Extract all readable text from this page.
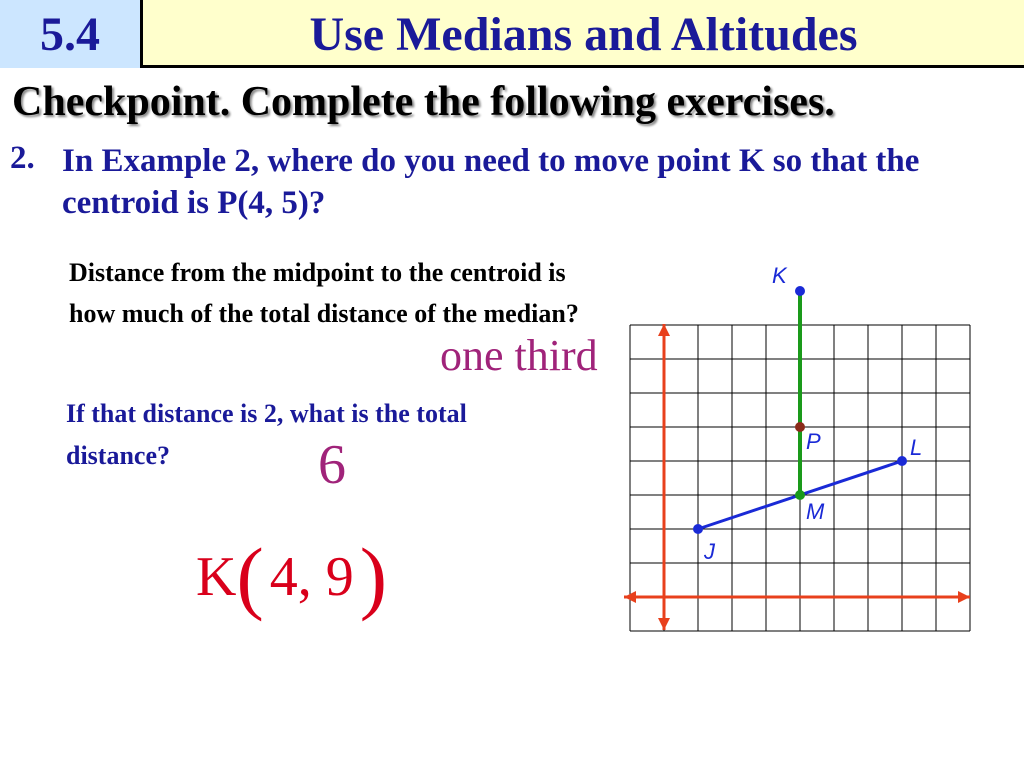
5.4	Use Medians and Altitudes
Checkpoint. Complete the following exercises.
2. In Example 2, where do you need to move point K so that the centroid is P(4, 5)?
Distance from the midpoint to the centroid is how much of the total distance of the median?
one third
If that distance is 2, what is the total distance?	6
K ( 4, 9 )
K
P	L
M
J
